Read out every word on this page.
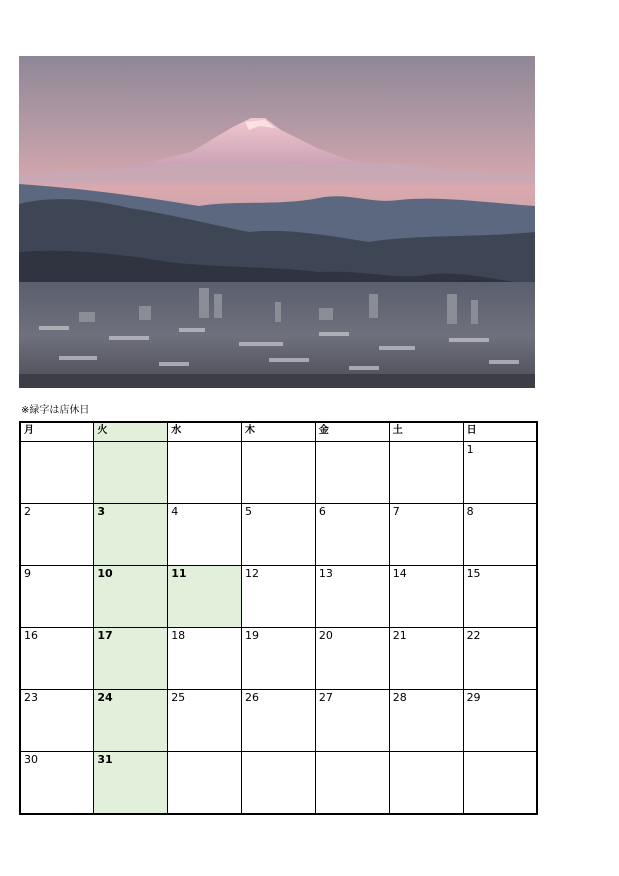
※緑字は店休日
月	火	水	木	金	土	日
						1
2	3	4	5	6	7	8
9	10	11	12	13	14	15
16	17	18	19	20	21	22
23	24	25	26	27	28	29
30	31					
